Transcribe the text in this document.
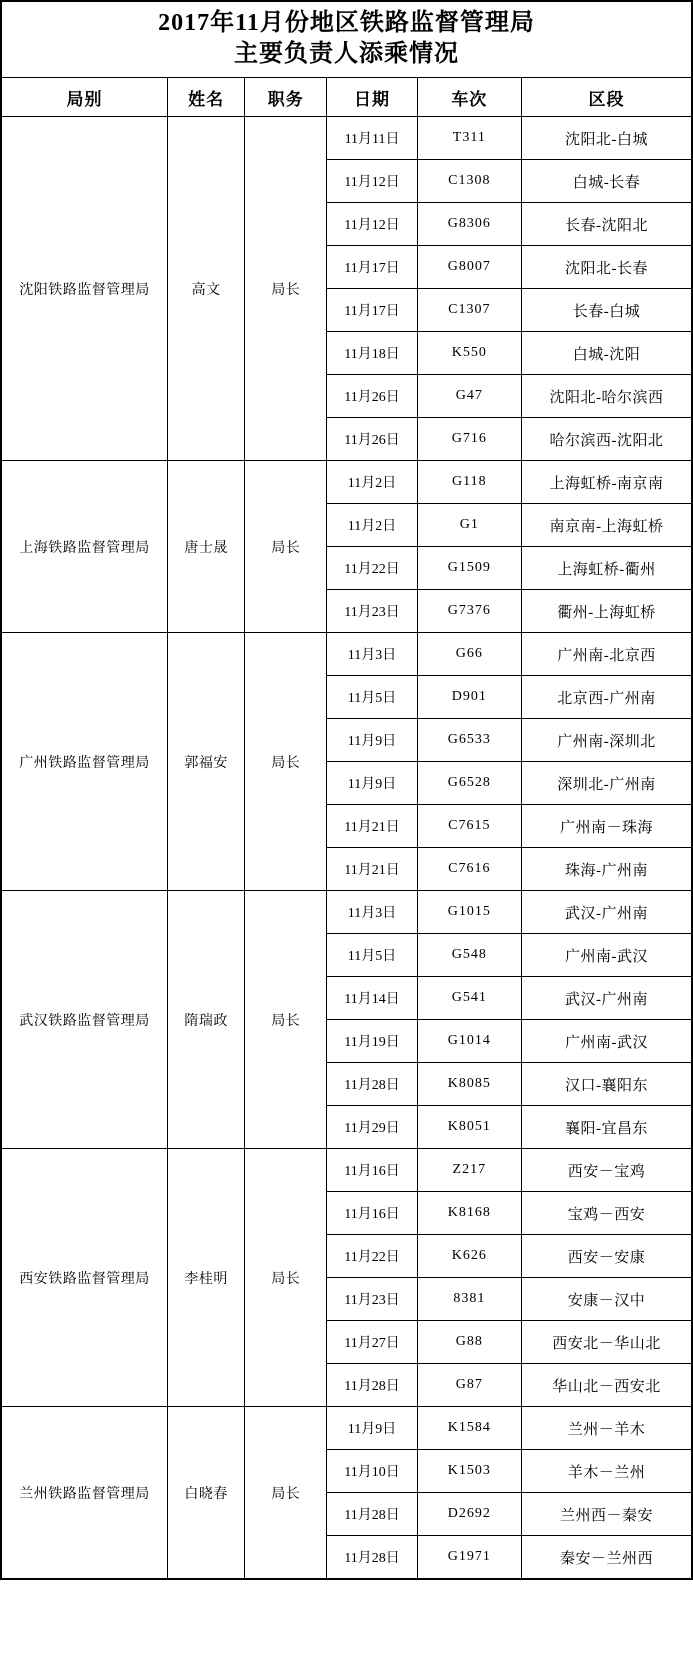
2017年11月份地区铁路监督管理局
主要负责人添乘情况
局别	姓名	职务	日期	车次	区段
沈阳铁路监督管理局	高文	局长	11月11日	T311	沈阳北-白城
			11月12日	C1308	白城-长春
			11月12日	G8306	长春-沈阳北
			11月17日	G8007	沈阳北-长春
			11月17日	C1307	长春-白城
			11月18日	K550	白城-沈阳
			11月26日	G47	沈阳北-哈尔滨西
			11月26日	G716	哈尔滨西-沈阳北
上海铁路监督管理局	唐士晟	局长	11月2日	G118	上海虹桥-南京南
			11月2日	G1	南京南-上海虹桥
			11月22日	G1509	上海虹桥-衢州
			11月23日	G7376	衢州-上海虹桥
广州铁路监督管理局	郭福安	局长	11月3日	G66	广州南-北京西
			11月5日	D901	北京西-广州南
			11月9日	G6533	广州南-深圳北
			11月9日	G6528	深圳北-广州南
			11月21日	C7615	广州南－珠海
			11月21日	C7616	珠海-广州南
武汉铁路监督管理局	隋瑞政	局长	11月3日	G1015	武汉-广州南
			11月5日	G548	广州南-武汉
			11月14日	G541	武汉-广州南
			11月19日	G1014	广州南-武汉
			11月28日	K8085	汉口-襄阳东
			11月29日	K8051	襄阳-宜昌东
西安铁路监督管理局	李桂明	局长	11月16日	Z217	西安－宝鸡
			11月16日	K8168	宝鸡－西安
			11月22日	K626	西安－安康
			11月23日	8381	安康－汉中
			11月27日	G88	西安北－华山北
			11月28日	G87	华山北－西安北
兰州铁路监督管理局	白晓春	局长	11月9日	K1584	兰州－羊木
			11月10日	K1503	羊木－兰州
			11月28日	D2692	兰州西－秦安
			11月28日	G1971	秦安－兰州西
